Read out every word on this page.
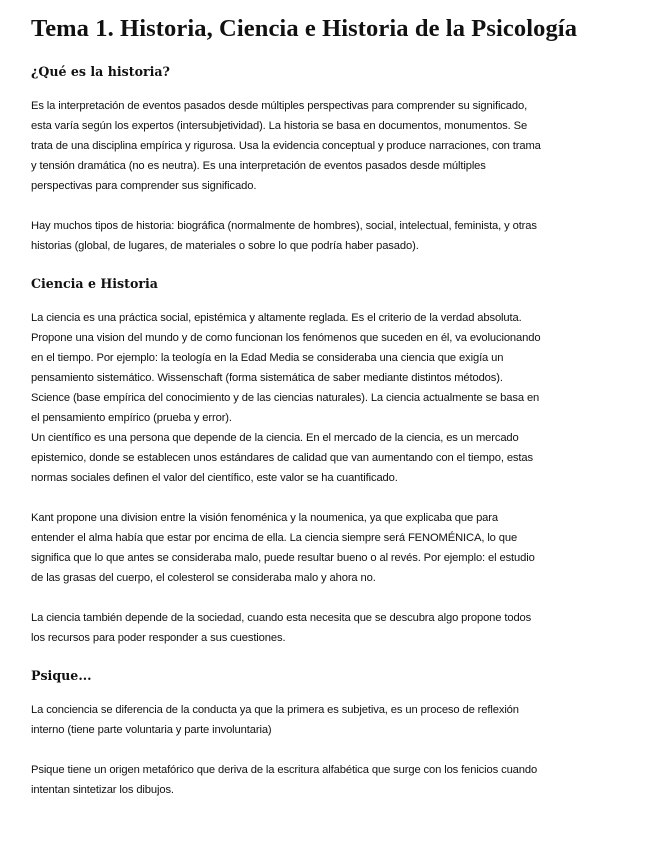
Tema 1. Historia, Ciencia e Historia de la Psicología
¿Qué es la historia?
Es la interpretación de eventos pasados desde múltiples perspectivas para comprender su significado,
esta varía según los expertos (intersubjetividad). La historia se basa en documentos, monumentos. Se
trata de una disciplina empírica y rigurosa. Usa la evidencia conceptual y produce narraciones, con trama
y tensión dramática (no es neutra). Es una interpretación de eventos pasados desde múltiples
perspectivas para comprender sus significado.
Hay muchos tipos de historia: biográfica (normalmente de hombres), social, intelectual, feminista, y otras
historias (global, de lugares, de materiales o sobre lo que podría haber pasado).
Ciencia e Historia
La ciencia es una práctica social, epistémica y altamente reglada. Es el criterio de la verdad absoluta.
Propone una vision del mundo y de como funcionan los fenómenos que suceden en él, va evolucionando
en el tiempo. Por ejemplo: la teología en la Edad Media se consideraba una ciencia que exigía un
pensamiento sistemático. Wissenschaft (forma sistemática de saber mediante distintos métodos).
Science (base empírica del conocimiento y de las ciencias naturales). La ciencia actualmente se basa en
el pensamiento empírico (prueba y error).
Un científico es una persona que depende de la ciencia. En el mercado de la ciencia, es un mercado
epistemico, donde se establecen unos estándares de calidad que van aumentando con el tiempo, estas
normas sociales definen el valor del científico, este valor se ha cuantificado.
Kant propone una division entre la visión fenoménica y la noumenica, ya que explicaba que para
entender el alma había que estar por encima de ella. La ciencia siempre será FENOMÉNICA, lo que
significa que lo que antes se consideraba malo, puede resultar bueno o al revés. Por ejemplo: el estudio
de las grasas del cuerpo, el colesterol se consideraba malo y ahora no.
La ciencia también depende de la sociedad, cuando esta necesita que se descubra algo propone todos
los recursos para poder responder a sus cuestiones.
Psique...
La conciencia se diferencia de la conducta ya que la primera es subjetiva, es un proceso de reflexión
interno (tiene parte voluntaria y parte involuntaria)
Psique tiene un origen metafórico que deriva de la escritura alfabética que surge con los fenicios cuando
intentan sintetizar los dibujos.
